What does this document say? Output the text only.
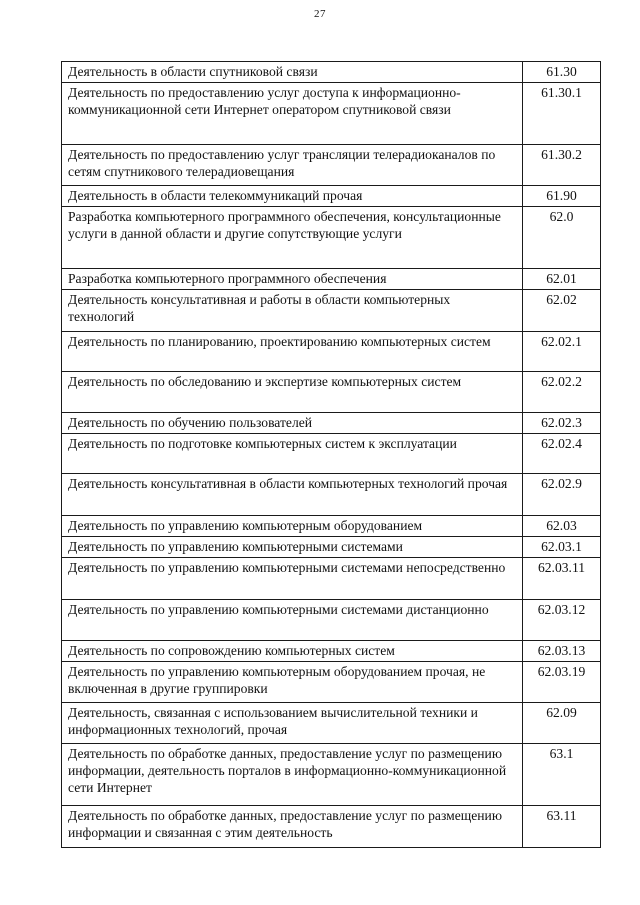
27
Деятельность в области спутниковой связи	61.30
Деятельность по предоставлению услуг доступа к информационно-коммуникационной сети Интернет оператором спутниковой связи	61.30.1
Деятельность по предоставлению услуг трансляции телерадиоканалов по сетям спутникового телерадиовещания	61.30.2
Деятельность в области телекоммуникаций прочая	61.90
Разработка компьютерного программного обеспечения, консультационные услуги в данной области и другие сопутствующие услуги	62.0
Разработка компьютерного программного обеспечения	62.01
Деятельность консультативная и работы в области компьютерных технологий	62.02
Деятельность по планированию, проектированию компьютерных систем	62.02.1
Деятельность по обследованию и экспертизе компьютерных систем	62.02.2
Деятельность по обучению пользователей	62.02.3
Деятельность по подготовке компьютерных систем к эксплуатации	62.02.4
Деятельность консультативная в области компьютерных технологий прочая	62.02.9
Деятельность по управлению компьютерным оборудованием	62.03
Деятельность по управлению компьютерными системами	62.03.1
Деятельность по управлению компьютерными системами непосредственно	62.03.11
Деятельность по управлению компьютерными системами дистанционно	62.03.12
Деятельность по сопровождению компьютерных систем	62.03.13
Деятельность по управлению компьютерным оборудованием прочая, не включенная в другие группировки	62.03.19
Деятельность, связанная с использованием вычислительной техники и информационных технологий, прочая	62.09
Деятельность по обработке данных, предоставление услуг по размещению информации, деятельность порталов в информационно-коммуникационной сети Интернет	63.1
Деятельность по обработке данных, предоставление услуг по размещению информации и связанная с этим деятельность	63.11
